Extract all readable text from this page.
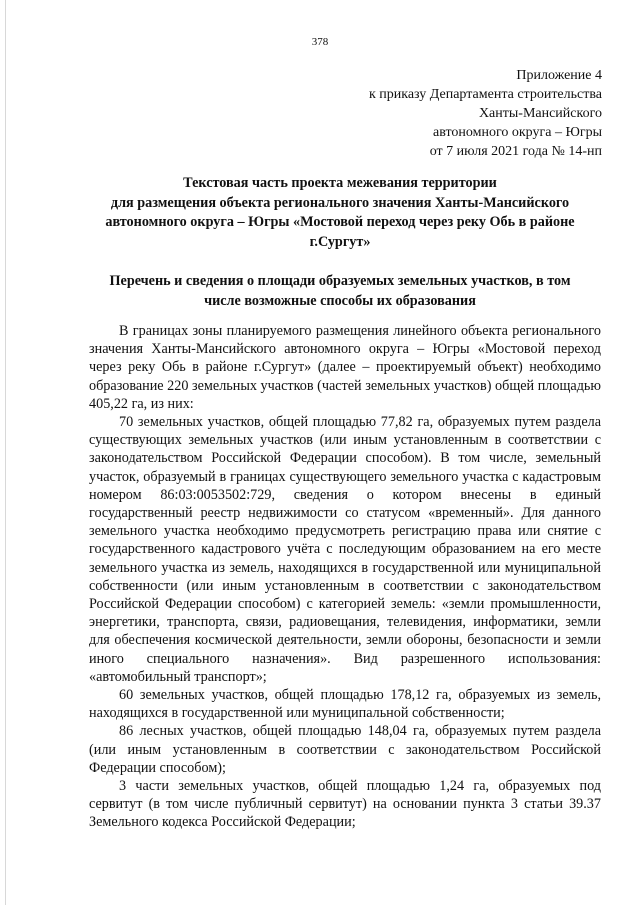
378
Приложение 4
к приказу Департамента строительства
Ханты-Мансийского
автономного округа – Югры
от 7 июля 2021 года № 14-нп
Текстовая часть проекта межевания территории
для размещения объекта регионального значения Ханты-Мансийского
автономного округа – Югры «Мостовой переход через реку Обь в районе
г.Сургут»
Перечень и сведения о площади образуемых земельных участков, в том
числе возможные способы их образования

В границах зоны планируемого размещения линейного объекта регионального значения Ханты-Мансийского автономного округа – Югры «Мостовой переход через реку Обь в районе г.Сургут» (далее – проектируемый объект) необходимо образование 220 земельных участков (частей земельных участков) общей площадью 405,22 га, из них:

70 земельных участков, общей площадью 77,82 га, образуемых путем раздела существующих земельных участков (или иным установленным в соответствии с законодательством Российской Федерации способом). В том числе, земельный участок, образуемый в границах существующего земельного участка с кадастровым номером 86:03:0053502:729, сведения о котором внесены в единый государственный реестр недвижимости со статусом «временный». Для данного земельного участка необходимо предусмотреть регистрацию права или снятие с государственного кадастрового учёта с последующим образованием на его месте земельного участка из земель, находящихся в государственной или муниципальной собственности (или иным установленным в соответствии с законодательством Российской Федерации способом) с категорией земель: «земли промышленности, энергетики, транспорта, связи, радиовещания, телевидения, информатики, земли для обеспечения космической деятельности, земли обороны, безопасности и земли иного специального назначения». Вид разрешенного использования: «автомобильный транспорт»;

60 земельных участков, общей площадью 178,12 га, образуемых из земель, находящихся в государственной или муниципальной собственности;

86 лесных участков, общей площадью 148,04 га, образуемых путем раздела (или иным установленным в соответствии с законодательством Российской Федерации способом);

3 части земельных участков, общей площадью 1,24 га, образуемых под сервитут (в том числе публичный сервитут) на основании пункта 3 статьи 39.37 Земельного кодекса Российской Федерации;
